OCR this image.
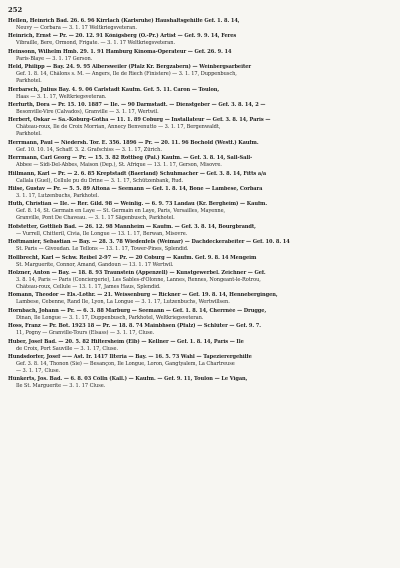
252
Hellen, Heinrich Bad. 26. 6. 96 Kirrlach (Karlsruhe) Haushaltsgehilfe Gef. 1. 8. 14,
Neuvy — Corbara — 3. 1. 17 Weltkriegsveteran.
Heinrich, Ernst — Pr. — 20. 12. 91 Königsberg (O.-Pr.) Artist — Gef. 9. 9. 14, Feres
Vibraille, Bere, Ormond, Frigate. — 3. 1. 17 Weltkriegsveteran.
Heinsonn, Wilhelm Hmb. 29. 1. 91 Hamburg Kinoma-Operateur — Gef. 26. 9. 14
Paris-Blaye — 3. 1. 17 Gerson.
Held, Philipp — Bay. 24. 9. 95 Albersweiler (Pfalz Kr. Bergzabern) — Weinbergsarbeiter
Gef. 1. 8. 14, Châlons s. M. — Angers, Ile de Riech (Finistere) — 3. 1. 17, Duppenbusch,
Parkhotel.
Herbarsch, Julius Bay. 4. 9. 06 Carlstadt Kaufm. Gef. 5. 11. Caron — Toulon,
Haas — 3. 1. 17, Weltkriegsveteran.
Herfurth, Dora — Pr. 15. 10. 1887 — Ile. — 90 Darmstadt. — Dienstgeber — Gef. 3. 8. 14, 2 —
Besonville-Vire (Calvados), Granville — 3. 1. 17, Wertwil.
Herbert, Oskar — Sa.-Koburg-Gotha — 11. 1. 89 Coburg — Installateur — Gef. 3. 8. 14, Paris —
Château-roux, Ile de Croix Morrian, Annecy Benvenutto — 3. 1. 17, Bergenwaldt,
Parkhotel.
Herrmann, Paul — Niedersh. Tor. E. 356. 1896 — Pr. — 20. 11. 96 Bochold (Westf.) Kaufm.
Gef. 10. 10. 14, Schaff. 3. 2. Grafschiss — 3. 1. 17, Zürich.
Herrmann, Carl Georg — Pr. — 15. 3. 82 Rottbeg (Pal.) Kaufm. — Gef. 3. 8. 14, Sall-Sall-
Abbee — Sidi-Del-Abbes, Maison (Dep.), St. Afrique — 13. 1. 17, Gerson, Misovre.
Hillmann, Karl — Pr. — 2. 6. 85 Kreptstadt (Baerland) Schuhmacher — Gef. 3. 8. 14, Fitts a/a
Callala (Guel), Cellule pu du Drine — 3. 1. 17, Schützenbank, Rud.
Hilse, Gustav — Pr. — 5. 5. 89 Altona — Seemann — Gef. 1. 8. 14, Bone — Lambese, Corbara
3. 1. 17, Lutzenbuchs, Parkhotel.
Huth, Christian — Ile. — Rer. Gild. 98 — Weinlig. — 6. 9. 73 Landau (Kr. Bergheim) — Kaufm.
Gef. 8. 14, St. Germain en Laye — St. Germain en Laye, Paris, Versailles, Mayenne,
Granville, Pont De Chaveau. — 3. 1. 17 Sägenbusch, Parkhotel.
Hofstetter, Gottlieb Bad. — 26. 12. 98 Mannheim — Kaufm. — Gef. 3. 8. 14, Bourgbrandt,
— Vurrell, Chitteril, Civia, Ile Longue — 13. 1. 17, Berwan, Misovre.
Hoftmanier, Sebastian — Bay. — 28. 3. 78 Wiedenfels (Weimar) — Dachdeckerabeiter — Gef. 10. 8. 14
St. Paris — Givoudan. Le Tellons — 13. 1. 17, Tower-Pines, Splendid.
Hollbrecht, Karl — Schw. Reibel 2-97 — Pr. — 20 Coburg — Kaufm. Gef. 9. 8. 14 Mengeim
St. Marguerite, Connor, Amand, Gandoun — 13. 1. 17 Wertwil.
Holzner, Anton — Bay. — 18. 8. 93 Traunstein (Appenzell) — Kunstgewerbel. Zeichner — Gef.
3. 8. 14, Paris — Paris (Conciergerie), Les Sables-d'Olonne, Lannes, Rennes, Nongeant-le-Rotrou,
Château-roux, Cellule — 13. 1. 17, James Haus, Splendid.
Homann, Theodor — Els.-Lothr. — 21. Weissenburg — Rickner — Gef. 19. 8. 14, Hennebergingen,
Lambese, Cebenne, Rand Ile, Lyon, La Longue — 3. 1. 17, Lutzenbuchs, Wertwillsen.
Hornbach, Johann — Pr. — 6. 3. 88 Marburg — Seemann — Gef. 1. 8. 14, Cherrnée — Drugge,
Dinan, Ile Longue — 3. 1. 17, Duppenbusch, Parkhotel, Weltkriegsveteran.
Hoss, Franz — Pr. Bot. 1923 18 — Pr. — 18. 8. 74 Mainbhsen (Pfalz) — Schlüter — Gef. 9. 7.
11, Pogny — Granville-Tours (Elsass) — 3. 1. 17, Cluse.
Huber, Josef Bad. — 20. 5. 82 Hiltersheim (Elb) — Kellner — Gef. 1. 8. 14, Paris — Ile
de Croix, Port Sauville — 3. 1. 17, Cluse.
Hundsdorfer, Josef —— Ast. Ir. 1417 Ilteria — Bay. — 16. 5. 73 Wahl — Tapezierergehilfe
Gef. 3. 8. 14, Thonon (Sie) — Besançon, Ile Longue, Loron, Gangtyalem, La Chartreuse
— 3. 1. 17, Cluse.
Hünkerts, Jos. Bad. — 6. 8. 03 Cölln (Kall.) — Kaufm. — Gef. 9. 11, Toulon — Le Vigan,
Ile St. Marguerite — 3. 1. 17 Cluse.
